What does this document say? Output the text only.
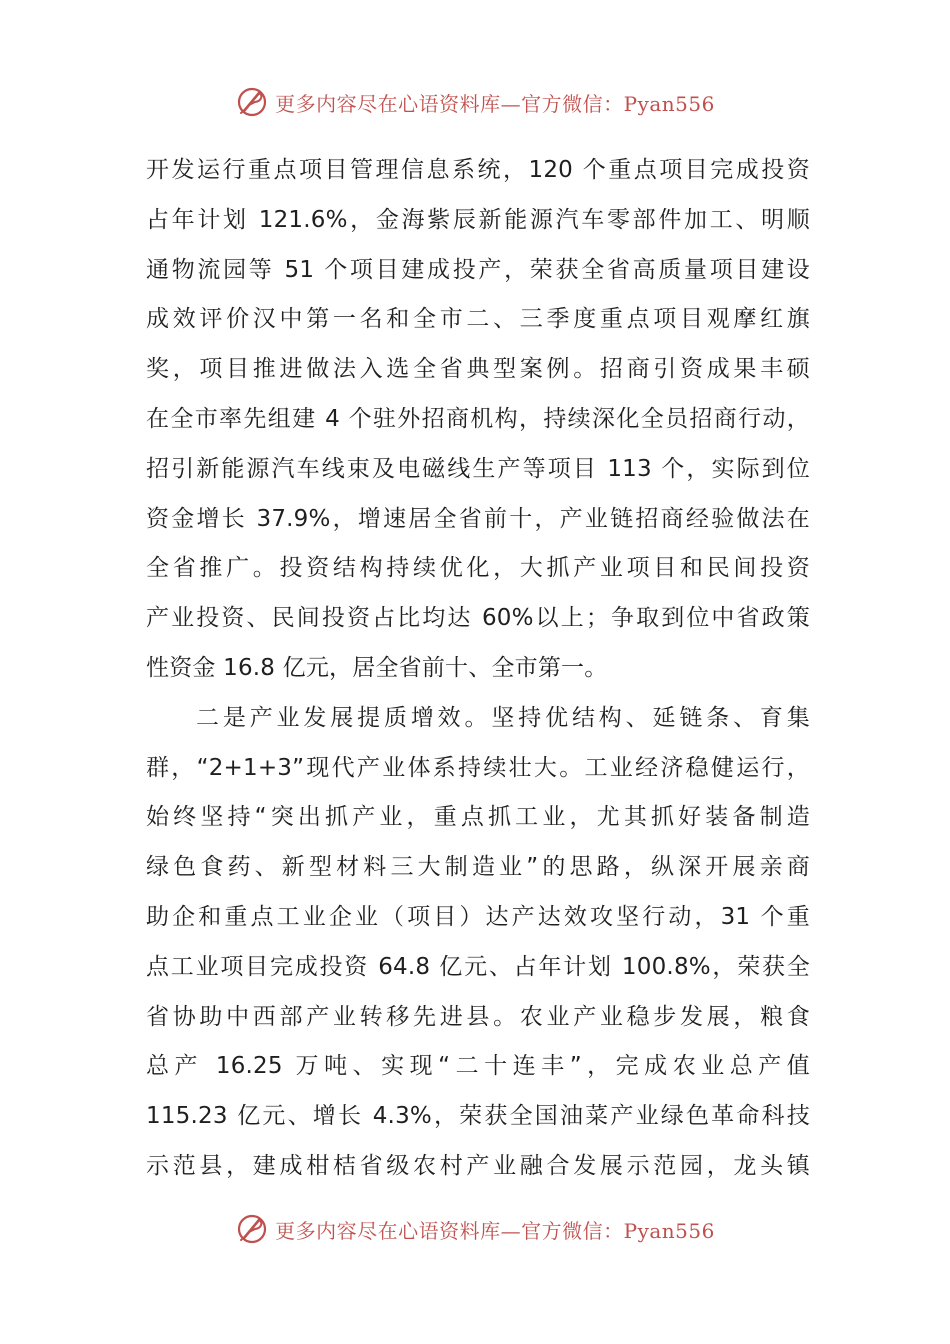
更多内容尽在心语资料库—官方微信：Pyan556
开发运行重点项目管理信息系统，120 个重点项目完成投资
占年计划 121.6%，金海紫辰新能源汽车零部件加工、明顺
通物流园等 51 个项目建成投产，荣获全省高质量项目建设
成效评价汉中第一名和全市二、三季度重点项目观摩红旗
奖，项目推进做法入选全省典型案例。招商引资成果丰硕
在全市率先组建 4 个驻外招商机构，持续深化全员招商行动，
招引新能源汽车线束及电磁线生产等项目 113 个，实际到位
资金增长 37.9%，增速居全省前十，产业链招商经验做法在
全省推广。投资结构持续优化，大抓产业项目和民间投资
产业投资、民间投资占比均达 60%以上；争取到位中省政策
性资金 16.8 亿元，居全省前十、全市第一。
二是产业发展提质增效。坚持优结构、延链条、育集
群，“2+1+3”现代产业体系持续壮大。工业经济稳健运行，
始终坚持“突出抓产业，重点抓工业，尤其抓好装备制造
绿色食药、新型材料三大制造业”的思路，纵深开展亲商
助企和重点工业企业（项目）达产达效攻坚行动，31 个重
点工业项目完成投资 64.8 亿元、占年计划 100.8%，荣获全
省协助中西部产业转移先进县。农业产业稳步发展，粮食
总产 16.25 万吨、实现“二十连丰”，完成农业总产值
115.23 亿元、增长 4.3%，荣获全国油菜产业绿色革命科技
示范县，建成柑桔省级农村产业融合发展示范园，龙头镇
更多内容尽在心语资料库—官方微信：Pyan556
